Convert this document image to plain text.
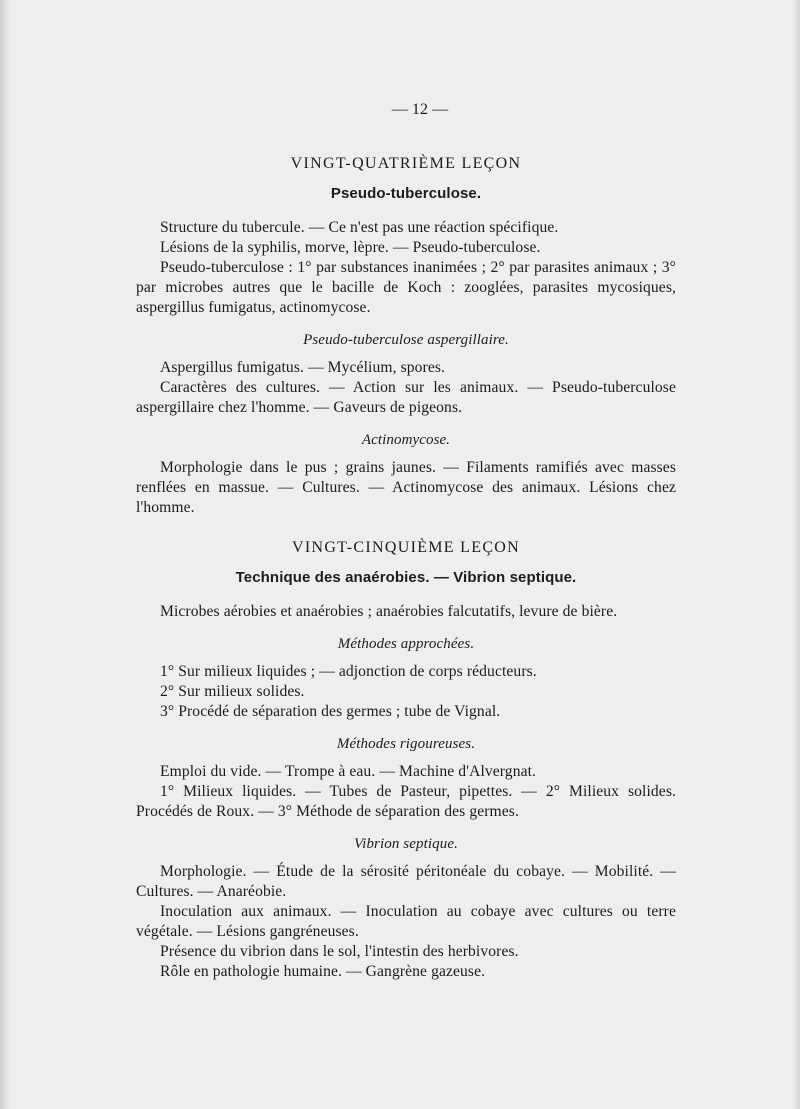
— 12 —
VINGT-QUATRIÈME LEÇON
Pseudo-tuberculose.

Structure du tubercule. — Ce n'est pas une réaction spécifique.

Lésions de la syphilis, morve, lèpre. — Pseudo-tuberculose.

Pseudo-tuberculose : 1° par substances inanimées ; 2° par parasites animaux ; 3° par microbes autres que le bacille de Koch : zooglées, parasites mycosiques, aspergillus fumigatus, actinomycose.

Pseudo-tuberculose aspergillaire.

Aspergillus fumigatus. — Mycélium, spores.

Caractères des cultures. — Action sur les animaux. — Pseudo-tuberculose aspergillaire chez l'homme. — Gaveurs de pigeons.

Actinomycose.

Morphologie dans le pus ; grains jaunes. — Filaments ramifiés avec masses renflées en massue. — Cultures. — Actinomycose des animaux. Lésions chez l'homme.

VINGT-CINQUIÈME LEÇON
Technique des anaérobies. — Vibrion septique.

Microbes aérobies et anaérobies ; anaérobies falcutatifs, levure de bière.

Méthodes approchées.

1° Sur milieux liquides ; — adjonction de corps réducteurs.

2° Sur milieux solides.

3° Procédé de séparation des germes ; tube de Vignal.

Méthodes rigoureuses.

Emploi du vide. — Trompe à eau. — Machine d'Alvergnat.

1° Milieux liquides. — Tubes de Pasteur, pipettes. — 2° Milieux solides. Procédés de Roux. — 3° Méthode de séparation des germes.

Vibrion septique.

Morphologie. — Étude de la sérosité péritonéale du cobaye. — Mobilité. — Cultures. — Anaréobie.

Inoculation aux animaux. — Inoculation au cobaye avec cultures ou terre végétale. — Lésions gangréneuses.

Présence du vibrion dans le sol, l'intestin des herbivores.

Rôle en pathologie humaine. — Gangrène gazeuse.
